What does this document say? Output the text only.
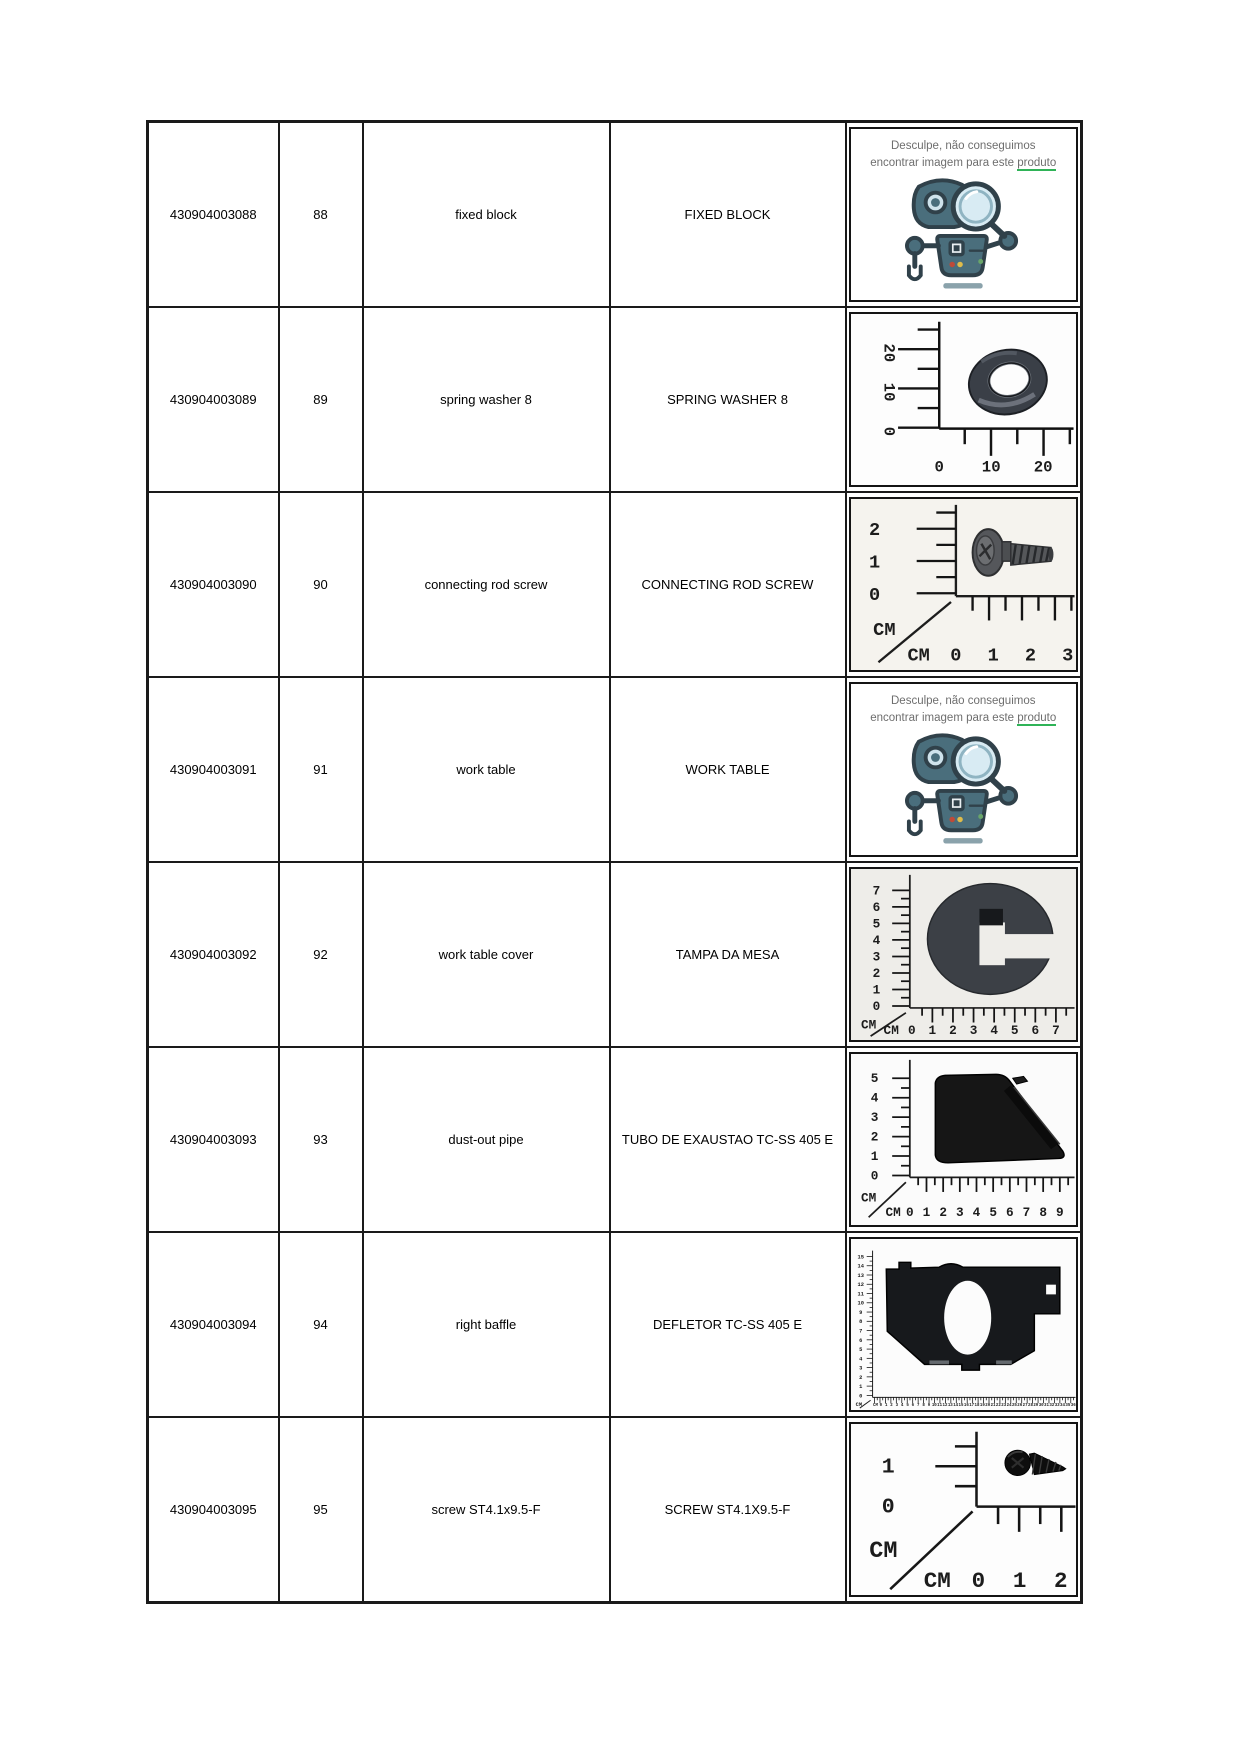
430904003088	88	fixed block	FIXED BLOCK	Desculpe, não conseguimos
encontrar imagem para este produto

430904003089	89	spring washer 8	SPRING WASHER 8	
20
10
0
0 10 20

430904003090	90	connecting rod screw	CONNECTING ROD SCREW	
2
1
0
CM
CM 0 1 2 3

430904003091	91	work table	WORK TABLE	Desculpe, não conseguimos
encontrar imagem para este produto

430904003092	92	work table cover	TAMPA DA MESA	
7
6
5
4
3
2
1
0
CM CM 0 1 2 3 4 5 6 7

430904003093	93	dust-out pipe	TUBO DE EXAUSTAO TC-SS 405 E	
5
4
3
2
1
0
CM
CM 0 1 2 3 4 5 6 7 8 9

430904003094	94	right baffle	DEFLETOR TC-SS 405 E	
15
14
13
12
11
10
9
8
7
6
5
4
3
2
1
0
CM	CM 0 1 2 3 4 5 6 7 8 9 10 11 12 13 14 15 16 17 18 19 20 21 22 23 24 25 26 27 28 29 30 31 32 33 34 35 36

430904003095	95	screw ST4.1x9.5-F	SCREW ST4.1X9.5-F	
1
0
CM
CM 0 1 2
